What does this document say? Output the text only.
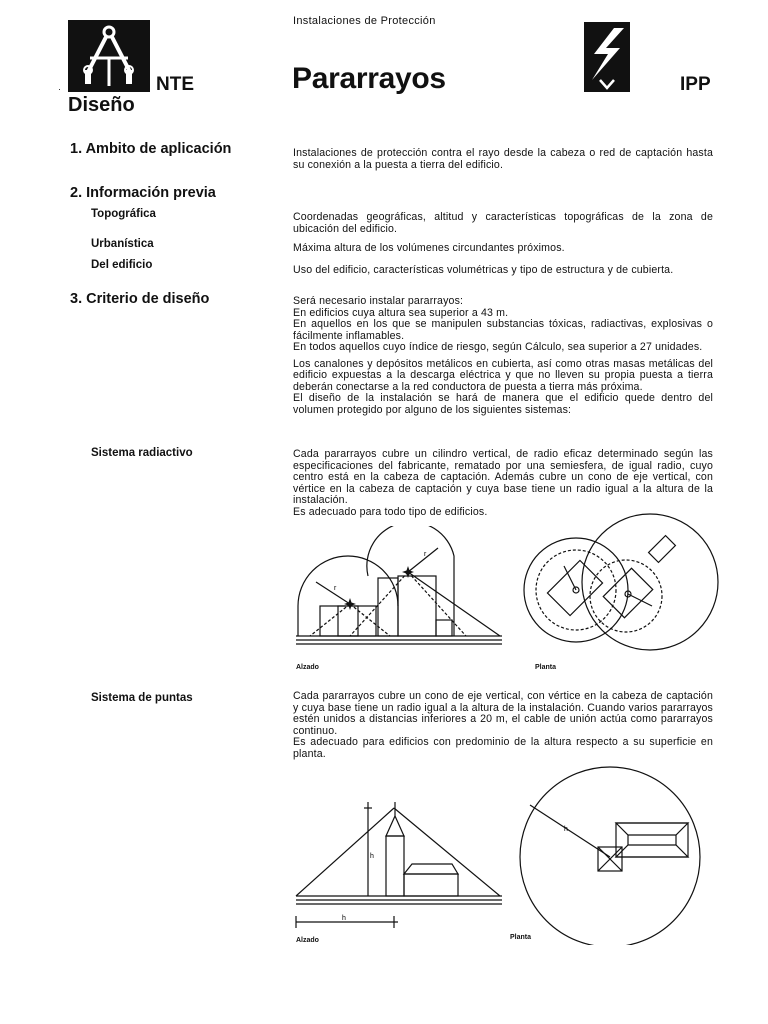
·	NTE
Diseño
Instalaciones de Protección
Pararrayos	IPP
1. Ambito de aplicación	Instalaciones de protección contra el rayo desde la cabeza o red de captación hasta su conexión a la puesta a tierra del edificio.
2. Información previa
Topográfica	Coordenadas geográficas, altitud y características topográficas de la zona de ubicación del edificio.
Urbanística	Máxima altura de los volúmenes circundantes próximos.
Del edificio	Uso del edificio, características volumétricas y tipo de estructura y de cubierta.
3. Criterio de diseño	Será necesario instalar pararrayos:

En edificios cuya altura sea superior a 43 m.

En aquellos en los que se manipulen substancias tóxicas, radiactivas, explosivas o fácilmente inflamables.

En todos aquellos cuyo índice de riesgo, según Cálculo, sea superior a 27 unidades.

Los canalones y depósitos metálicos en cubierta, así como otras masas metálicas del edificio expuestas a la descarga eléctrica y que no lleven su propia puesta a tierra deberán conectarse a la red conductora de puesta a tierra más próxima.

El diseño de la instalación se hará de manera que el edificio quede dentro del volumen protegido por alguno de los siguientes sistemas:

Sistema radiactivo	Cada pararrayos cubre un cilindro vertical, de radio eficaz determinado según las especificaciones del fabricante, rematado por una semiesfera, de igual radio, cuyo centro está en la cabeza de captación. Además cubre un cono de eje vertical, con vértice en la cabeza de captación y cuya base tiene un radio igual a la altura de la instalación.

Es adecuado para todo tipo de edificios.

r
r
Alzado	Planta
Sistema de puntas	Cada pararrayos cubre un cono de eje vertical, con vértice en la cabeza de captación y cuya base tiene un radio igual a la altura de la instalación. Cuando varios pararrayos estén unidos a distancias inferiores a 20 m, el cable de unión actúa como pararrayos continuo.

Es adecuado para edificios con predominio de la altura respecto a su superficie en planta.

h
h
Alzado
h
Planta
